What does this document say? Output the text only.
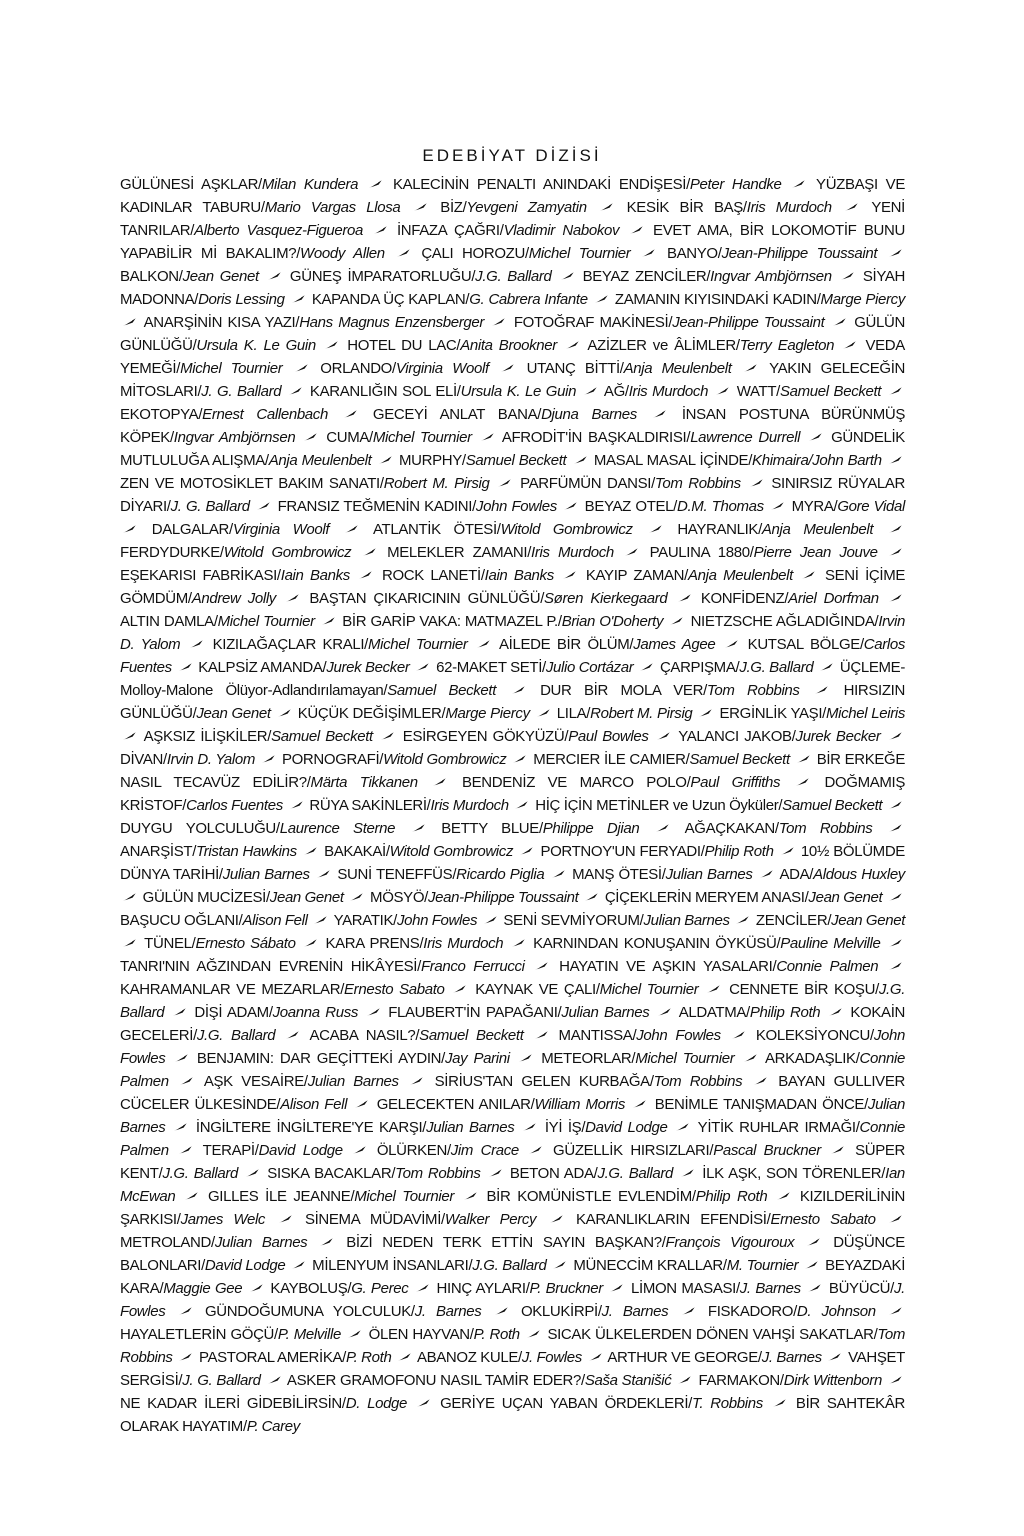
EDEBİYAT DİZİSİ
GÜLÜNESİ AŞKLAR/Milan Kundera KALECİNİN PENALTI ANINDAKİ ENDİŞESİ/Peter Handke YÜZBAŞI VE KADINLAR TABURU/Mario Vargas Llosa	BİZ/Yevgeni Zamyatin	KESİK BİR BAŞ/Iris Murdoch	YENİ TANRILAR/Alberto Vasquez-Figueroa İNFAZA ÇAĞRI/Vladimir Nabokov EVET AMA, BİR LOKOMOTİF BUNU YAPABİLİR Mİ BAKALIM?/Woody Allen ÇALI HOROZU/Michel Tournier BANYO/Jean-Philippe Toussaint
BALKON/Jean Genet GÜNEŞ İMPARATORLUĞU/J.G. Ballard BEYAZ ZENCİLER/Ingvar Ambjörnsen SİYAH MADONNA/Doris Lessing KAPANDA ÜÇ KAPLAN/G. Cabrera Infante ZAMANIN KIYISINDAKİ KADIN/Marge Piercy
ANARŞİNİN KISA YAZI/Hans Magnus Enzensberger FOTOĞRAF MAKİNESİ/Jean-Philippe Toussaint GÜLÜN GÜNLÜĞÜ/Ursula K. Le Guin HOTEL DU LAC/Anita Brookner AZİZLER ve ÂLİMLER/Terry Eagleton VEDA YEMEĞİ/Michel Tournier	ORLANDO/Virginia Woolf	UTANÇ BİTTİ/Anja Meulenbelt	YAKIN GELECEĞİN MİTOSLARI/J. G. Ballard KARANLIĞIN SOL ELİ/Ursula K. Le Guin AĞ/Iris Murdoch WATT/Samuel Beckett
EKOTOPYA/Ernest Callenbach	GECEYİ ANLAT BANA/Djuna Barnes	İNSAN POSTUNA BÜRÜNMÜŞ KÖPEK/Ingvar Ambjörnsen CUMA/Michel Tournier AFRODİT'İN BAŞKALDIRISI/Lawrence Durrell GÜNDELİK MUTLULUĞA ALIŞMA/Anja Meulenbelt MURPHY/Samuel Beckett MASAL MASAL İÇİNDE/Khimaira/John Barth
ZEN VE MOTOSİKLET BAKIM SANATI/Robert M. Pirsig PARFÜMÜN DANSI/Tom Robbins SINIRSIZ RÜYALAR DİYARI/J. G. Ballard FRANSIZ TEĞMENİN KADINI/John Fowles BEYAZ OTEL/D.M. Thomas MYRA/Gore Vidal
DALGALAR/Virginia Woolf	ATLANTİK ÖTESİ/Witold Gombrowicz	HAYRANLIK/Anja Meulenbelt
FERDYDURKE/Witold Gombrowicz MELEKLER ZAMANI/Iris Murdoch PAULINA 1880/Pierre Jean Jouve
EŞEKARISI FABRİKASI/Iain Banks ROCK LANETİ/Iain Banks KAYIP ZAMAN/Anja Meulenbelt SENİ İÇİME GÖMDÜM/Andrew Jolly BAŞTAN ÇIKARICININ GÜNLÜĞÜ/Søren Kierkegaard KONFİDENZ/Ariel Dorfman
ALTIN DAMLA/Michel Tournier BİR GARİP VAKA: MATMAZEL P./Brian O'Doherty NIETZSCHE AĞLADIĞINDA/Irvin D. Yalom KIZILAĞAÇLAR KRALI/Michel Tournier AİLEDE BİR ÖLÜM/James Agee KUTSAL BÖLGE/Carlos Fuentes KALPSİZ AMANDA/Jurek Becker 62-MAKET SETİ/Julio Cortázar ÇARPIŞMA/J.G. Ballard ÜÇLEME-Molloy-Malone Ölüyor-Adlandırılamayan/Samuel Beckett	DUR BİR MOLA VER/Tom Robbins	HIRSIZIN GÜNLÜĞÜ/Jean Genet KÜÇÜK DEĞİŞİMLER/Marge Piercy LILA/Robert M. Pirsig ERGİNLİK YAŞI/Michel Leiris
AŞKSIZ İLİŞKİLER/Samuel Beckett ESİRGEYEN GÖKYÜZÜ/Paul Bowles YALANCI JAKOB/Jurek Becker
DİVAN/Irvin D. Yalom PORNOGRAFİ/Witold Gombrowicz MERCIER İLE CAMIER/Samuel Beckett BİR ERKEĞE NASIL TECAVÜZ EDİLİR?/Märta Tikkanen	BENDENİZ VE MARCO POLO/Paul Griffiths	DOĞMAMIŞ KRİSTOF/Carlos Fuentes RÜYA SAKİNLERİ/Iris Murdoch HİÇ İÇİN METİNLER ve Uzun Öyküler/Samuel Beckett
DUYGU YOLCULUĞU/Laurence Sterne	BETTY BLUE/Philippe Djian	AĞAÇKAKAN/Tom Robbins
ANARŞİST/Tristan Hawkins BAKAKAİ/Witold Gombrowicz PORTNOY'UN FERYADI/Philip Roth 10½ BÖLÜMDE DÜNYA TARİHİ/Julian Barnes SUNİ TENEFFÜS/Ricardo Piglia MANŞ ÖTESİ/Julian Barnes ADA/Aldous Huxley
GÜLÜN MUCİZESİ/Jean Genet MÖSYÖ/Jean-Philippe Toussaint ÇİÇEKLERİN MERYEM ANASI/Jean Genet
BAŞUCU OĞLANI/Alison Fell YARATIK/John Fowles SENİ SEVMİYORUM/Julian Barnes ZENCİLER/Jean Genet
TÜNEL/Ernesto Sábato KARA PRENS/Iris Murdoch KARNINDAN KONUŞANIN ÖYKÜSÜ/Pauline Melville
TANRI'NIN AĞZINDAN EVRENİN HİKÂYESİ/Franco Ferrucci HAYATIN VE AŞKIN YASALARI/Connie Palmen
KAHRAMANLAR VE MEZARLAR/Ernesto Sabato KAYNAK VE ÇALI/Michel Tournier CENNETE BİR KOŞU/J.G. Ballard DİŞİ ADAM/Joanna Russ FLAUBERT'İN PAPAĞANI/Julian Barnes ALDATMA/Philip Roth KOKAİN GECELERİ/J.G. Ballard ACABA NASIL?/Samuel Beckett MANTISSA/John Fowles KOLEKSİYONCU/John Fowles BENJAMIN: DAR GEÇİTTEKİ AYDIN/Jay Parini METEORLAR/Michel Tournier ARKADAŞLIK/Connie Palmen AŞK VESAİRE/Julian Barnes SİRİUS'TAN GELEN KURBAĞA/Tom Robbins BAYAN GULLIVER CÜCELER ÜLKESİNDE/Alison Fell GELECEKTEN ANILAR/William Morris BENİMLE TANIŞMADAN ÖNCE/Julian Barnes İNGİLTERE İNGİLTERE'YE KARŞI/Julian Barnes İYİ İŞ/David Lodge YİTİK RUHLAR IRMAĞI/Connie Palmen TERAPİ/David Lodge ÖLÜRKEN/Jim Crace GÜZELLİK HIRSIZLARI/Pascal Bruckner SÜPER KENT/J.G. Ballard SISKA BACAKLAR/Tom Robbins BETON ADA/J.G. Ballard İLK AŞK, SON TÖRENLER/Ian McEwan GILLES İLE JEANNE/Michel Tournier BİR KOMÜNİSTLE EVLENDİM/Philip Roth KIZILDERİLİNİN ŞARKISI/James Welc	SİNEMA MÜDAVİMİ/Walker Percy	KARANLIKLARIN EFENDİSİ/Ernesto Sabato
METROLAND/Julian Barnes	BİZİ NEDEN TERK ETTİN SAYIN BAŞKAN?/François Vigouroux	DÜŞÜNCE BALONLARI/David Lodge MİLENYUM İNSANLARI/J.G. Ballard MÜNECCİM KRALLAR/M. Tournier BEYAZDAKİ KARA/Maggie Gee KAYBOLUŞ/G. Perec HINÇ AYLARI/P. Bruckner LİMON MASASI/J. Barnes BÜYÜCÜ/J. Fowles	GÜNDOĞUMUNA YOLCULUK/J. Barnes	OKLUKİRPİ/J. Barnes	FISKADORO/D. Johnson
HAYALETLERİN GÖÇÜ/P. Melville ÖLEN HAYVAN/P. Roth SICAK ÜLKELERDEN DÖNEN VAHŞİ SAKATLAR/Tom Robbins PASTORAL AMERİKA/P. Roth ABANOZ KULE/J. Fowles ARTHUR VE GEORGE/J. Barnes VAHŞET SERGİSİ/J. G. Ballard ASKER GRAMOFONU NASIL TAMİR EDER?/Saša Stanišić FARMAKON/Dirk Wittenborn
NE KADAR İLERİ GİDEBİLİRSİN/D. Lodge GERİYE UÇAN YABAN ÖRDEKLERİ/T. Robbins BİR SAHTEKÂR OLARAK HAYATIM/P. Carey
